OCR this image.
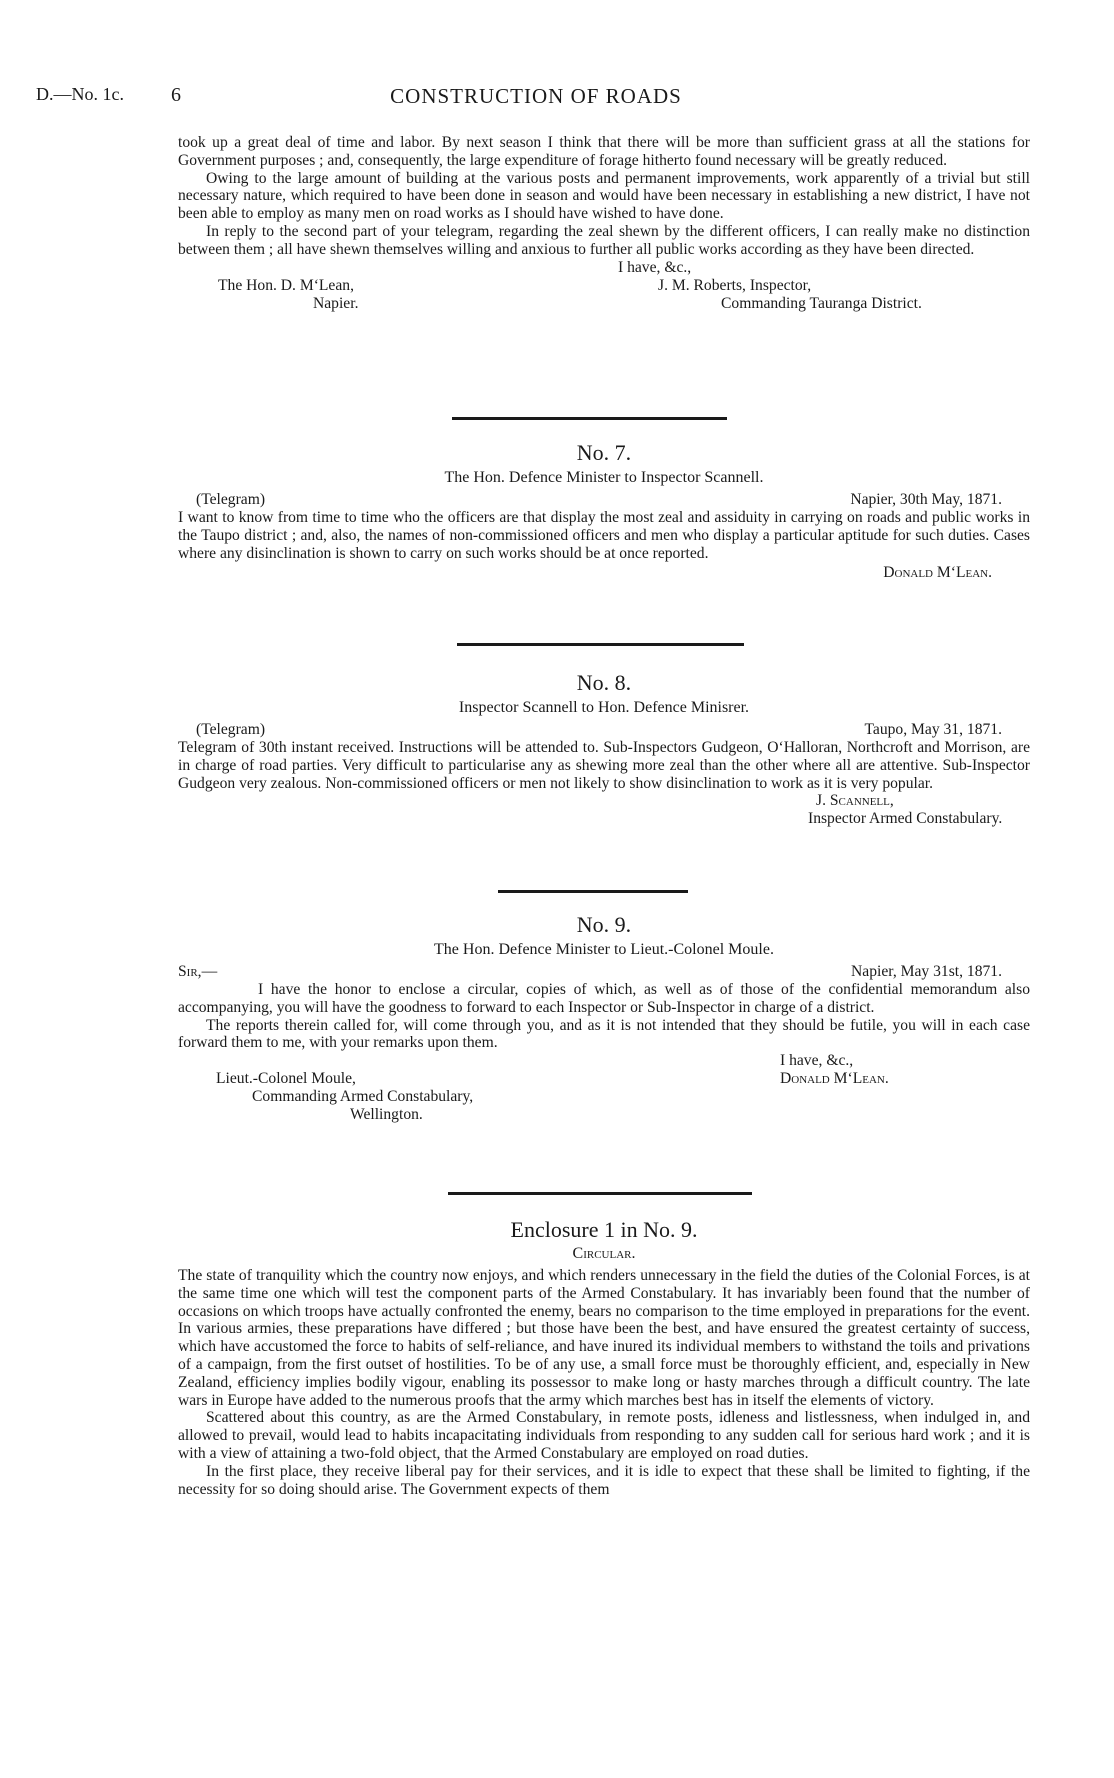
D.—No. 1c. 6	CONSTRUCTION OF ROADS

took up a great deal of time and labor. By next season I think that there will be more than sufficient grass at all the stations for Government purposes ; and, consequently, the large expenditure of forage hitherto found necessary will be greatly reduced.

Owing to the large amount of building at the various posts and permanent improvements, work apparently of a trivial but still necessary nature, which required to have been done in season and would have been necessary in establishing a new district, I have not been able to employ as many men on road works as I should have wished to have done.

In reply to the second part of your telegram, regarding the zeal shewn by the different officers, I can really make no distinction between them ; all have shewn themselves willing and anxious to further all public works according as they have been directed.

I have, &c.,
The Hon. D. M‘Lean,	J. M. Roberts, Inspector,
Napier.	Commanding Tauranga District.
No. 7.
The Hon. Defence Minister to Inspector Scannell.
(Telegram)	Napier, 30th May, 1871.

I want to know from time to time who the officers are that display the most zeal and assiduity in carrying on roads and public works in the Taupo district ; and, also, the names of non-commissioned officers and men who display a particular aptitude for such duties. Cases where any disinclination is shown to carry on such works should be at once reported.

Donald M‘Lean.
No. 8.
Inspector Scannell to Hon. Defence Minisrer.
(Telegram)	Taupo, May 31, 1871.

Telegram of 30th instant received. Instructions will be attended to. Sub-Inspectors Gudgeon, O‘Halloran, Northcroft and Morrison, are in charge of road parties. Very difficult to particularise any as shewing more zeal than the other where all are attentive. Sub-Inspector Gudgeon very zealous. Non-commissioned officers or men not likely to show disinclination to work as it is very popular.

J. Scannell,
Inspector Armed Constabulary.
No. 9.
The Hon. Defence Minister to Lieut.-Colonel Moule.
Sir,—	Napier, May 31st, 1871.

I have the honor to enclose a circular, copies of which, as well as of those of the confidential memorandum also accompanying, you will have the goodness to forward to each Inspector or Sub-Inspector in charge of a district.

The reports therein called for, will come through you, and as it is not intended that they should be futile, you will in each case forward them to me, with your remarks upon them.

I have, &c.,
Lieut.-Colonel Moule,	Donald M‘Lean.
Commanding Armed Constabulary,
Wellington.
Enclosure 1 in No. 9.
Circular.

The state of tranquility which the country now enjoys, and which renders unnecessary in the field the duties of the Colonial Forces, is at the same time one which will test the component parts of the Armed Constabulary. It has invariably been found that the number of occasions on which troops have actually confronted the enemy, bears no comparison to the time employed in preparations for the event. In various armies, these preparations have differed ; but those have been the best, and have ensured the greatest certainty of success, which have accustomed the force to habits of self-reliance, and have inured its individual members to withstand the toils and privations of a campaign, from the first outset of hostilities. To be of any use, a small force must be thoroughly efficient, and, especially in New Zealand, efficiency implies bodily vigour, enabling its possessor to make long or hasty marches through a difficult country. The late wars in Europe have added to the numerous proofs that the army which marches best has in itself the elements of victory.

Scattered about this country, as are the Armed Constabulary, in remote posts, idleness and listlessness, when indulged in, and allowed to prevail, would lead to habits incapacitating individuals from responding to any sudden call for serious hard work ; and it is with a view of attaining a two-fold object, that the Armed Constabulary are employed on road duties.

In the first place, they receive liberal pay for their services, and it is idle to expect that these shall be limited to fighting, if the necessity for so doing should arise. The Government expects of them
